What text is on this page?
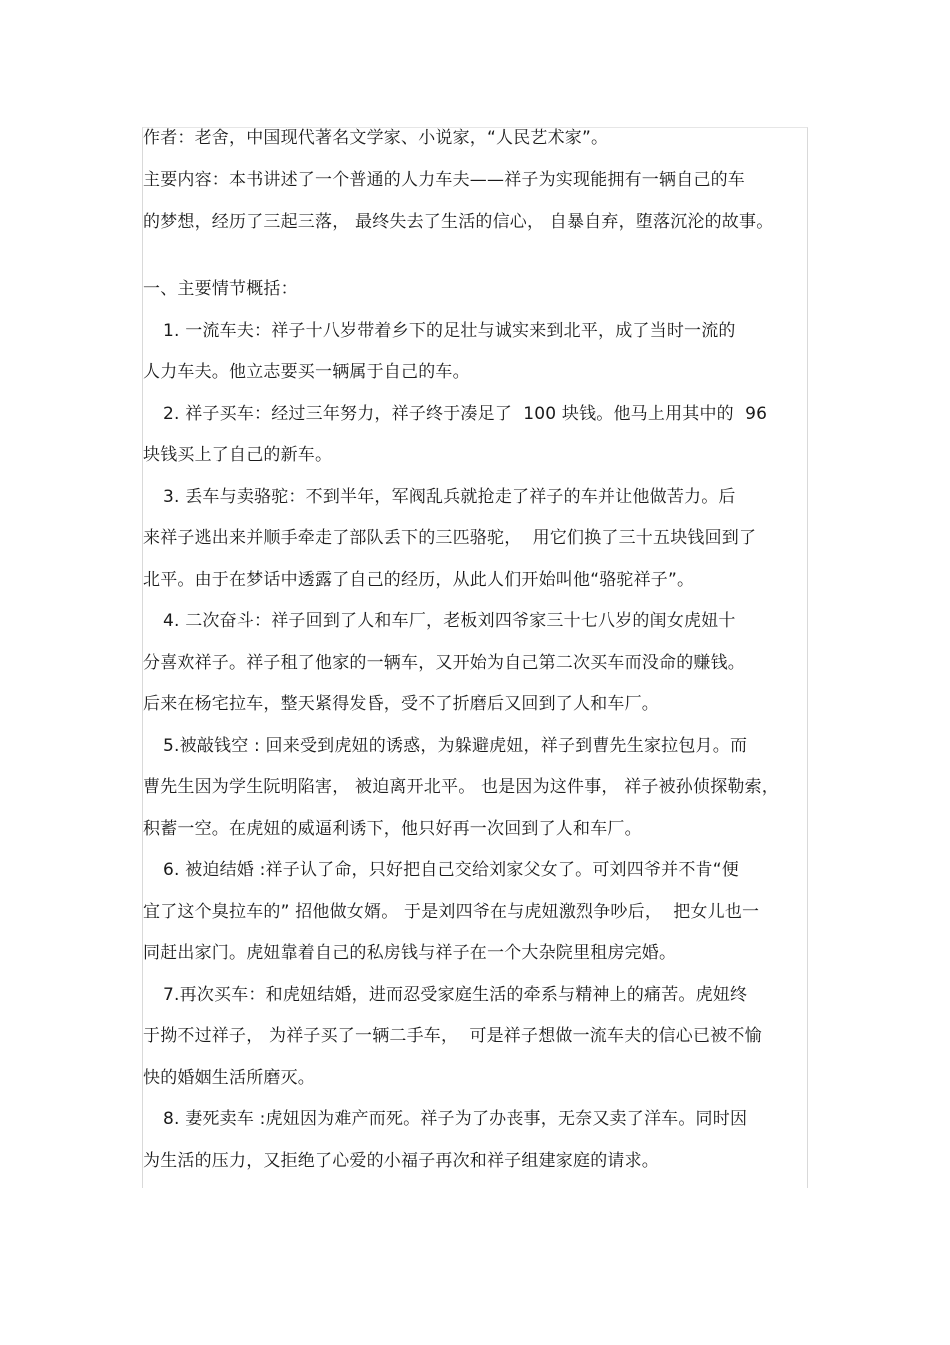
作者：老舍，中国现代著名文学家、小说家，“人民艺术家”。
主要内容：本书讲述了一个普通的人力车夫——祥子为实现能拥有一辆自己的车
的梦想，经历了三起三落， 最终失去了生活的信心， 自暴自弃，堕落沉沦的故事。
一、主要情节概括：
1. 一流车夫：祥子十八岁带着乡下的足壮与诚实来到北平，成了当时一流的
人力车夫。他立志要买一辆属于自己的车。
2. 祥子买车：经过三年努力，祥子终于凑足了  100 块钱。他马上用其中的  96
块钱买上了自己的新车。
3. 丢车与卖骆驼：不到半年，军阀乱兵就抢走了祥子的车并让他做苦力。后
来祥子逃出来并顺手牵走了部队丢下的三匹骆驼，  用它们换了三十五块钱回到了
北平。由于在梦话中透露了自己的经历，从此人们开始叫他“骆驼祥子”。
4. 二次奋斗：祥子回到了人和车厂，老板刘四爷家三十七八岁的闺女虎妞十
分喜欢祥子。祥子租了他家的一辆车，又开始为自己第二次买车而没命的赚钱。
后来在杨宅拉车，整天紧得发昏，受不了折磨后又回到了人和车厂。
5.被敲钱空 : 回来受到虎妞的诱惑，为躲避虎妞，祥子到曹先生家拉包月。而
曹先生因为学生阮明陷害， 被迫离开北平。 也是因为这件事， 祥子被孙侦探勒索，
积蓄一空。在虎妞的威逼利诱下，他只好再一次回到了人和车厂。
6. 被迫结婚 :祥子认了命，只好把自己交给刘家父女了。可刘四爷并不肯“便
宜了这个臭拉车的” 招他做女婿。 于是刘四爷在与虎妞激烈争吵后，  把女儿也一
同赶出家门。虎妞靠着自己的私房钱与祥子在一个大杂院里租房完婚。
7.再次买车：和虎妞结婚，进而忍受家庭生活的牵系与精神上的痛苦。虎妞终
于拗不过祥子， 为祥子买了一辆二手车，  可是祥子想做一流车夫的信心已被不愉
快的婚姻生活所磨灭。
8. 妻死卖车 :虎妞因为难产而死。祥子为了办丧事，无奈又卖了洋车。同时因
为生活的压力，又拒绝了心爱的小福子再次和祥子组建家庭的请求。
